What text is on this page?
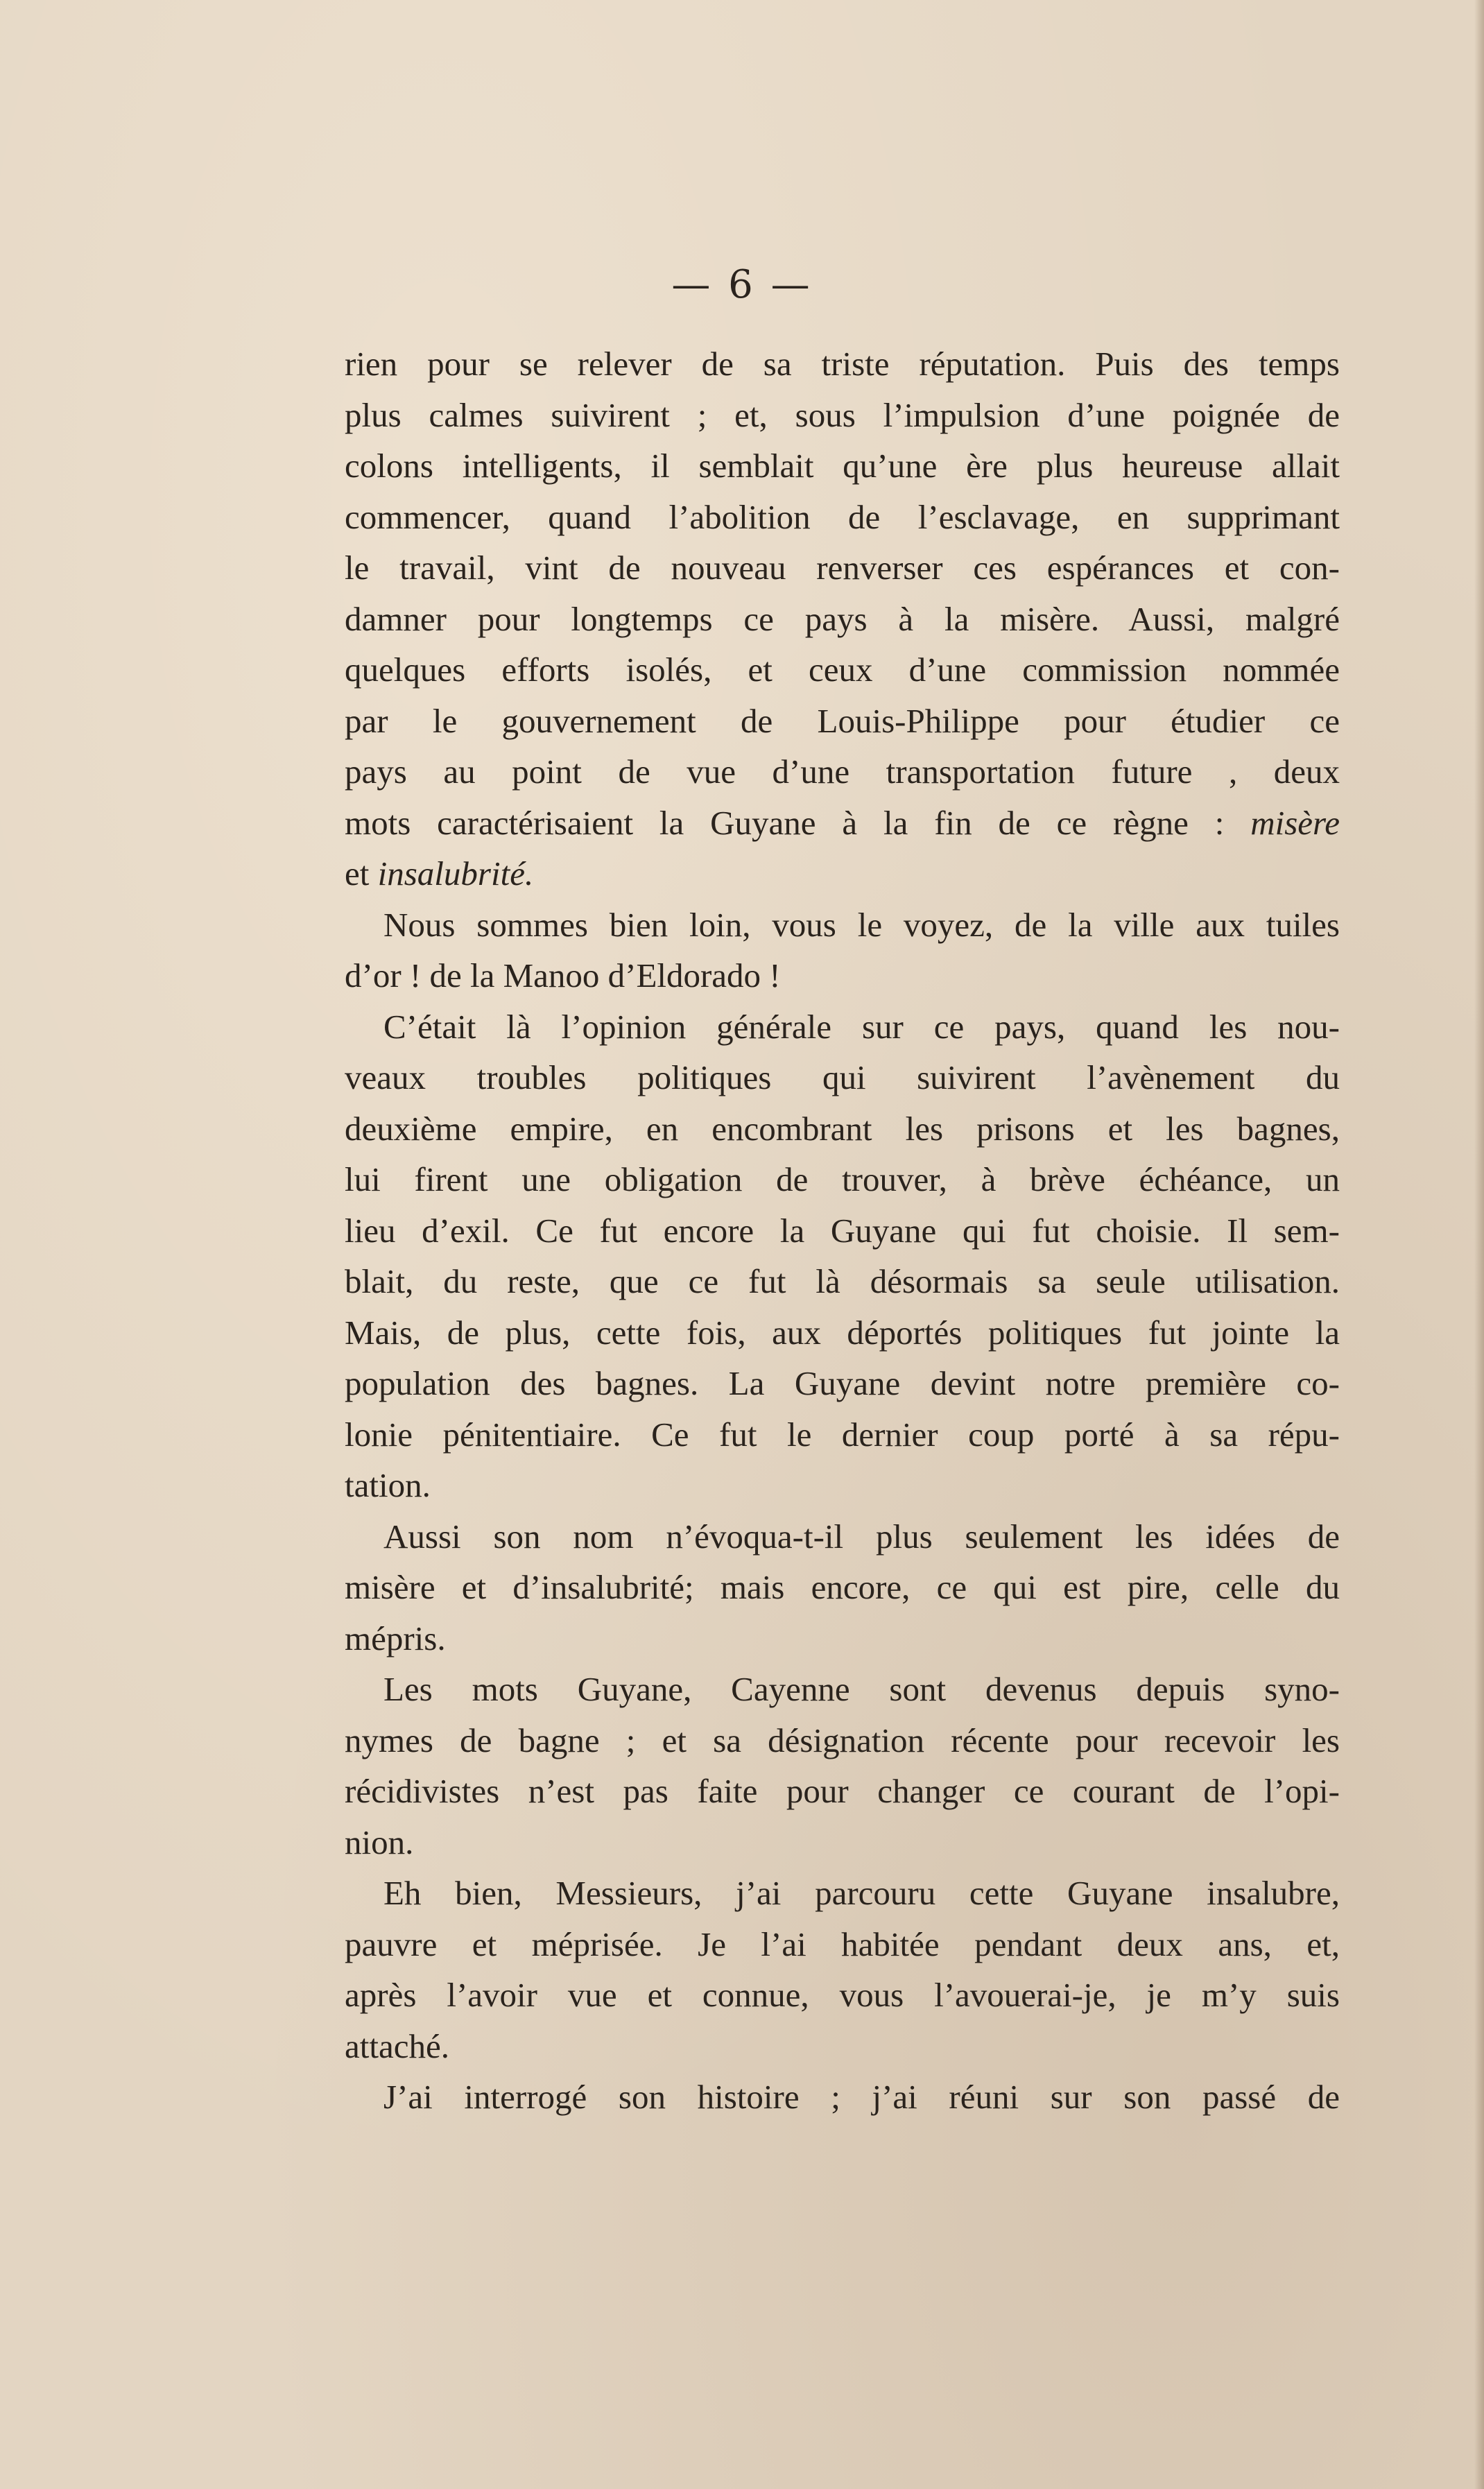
— 6 —
rien pour se relever de sa triste réputation. Puis des temps
plus calmes suivirent ; et, sous l’impulsion d’une poignée de
colons intelligents, il semblait qu’une ère plus heureuse allait
commencer, quand l’abolition de l’esclavage, en supprimant
le travail, vint de nouveau renverser ces espérances et con-
damner pour longtemps ce pays à la misère. Aussi, malgré
quelques efforts isolés, et ceux d’une commission nommée
par le gouvernement de Louis-Philippe pour étudier ce
pays au point de vue d’une transportation future , deux
mots caractérisaient la Guyane à la fin de ce règne : misère
et insalubrité.
Nous sommes bien loin, vous le voyez, de la ville aux tuiles
d’or ! de la Manoo d’Eldorado !
C’était là l’opinion générale sur ce pays, quand les nou-
veaux troubles politiques qui suivirent l’avènement du
deuxième empire, en encombrant les prisons et les bagnes,
lui firent une obligation de trouver, à brève échéance, un
lieu d’exil. Ce fut encore la Guyane qui fut choisie. Il sem-
blait, du reste, que ce fut là désormais sa seule utilisation.
Mais, de plus, cette fois, aux déportés politiques fut jointe la
population des bagnes. La Guyane devint notre première co-
lonie pénitentiaire. Ce fut le dernier coup porté à sa répu-
tation.
Aussi son nom n’évoqua-t-il plus seulement les idées de
misère et d’insalubrité; mais encore, ce qui est pire, celle du
mépris.
Les mots Guyane, Cayenne sont devenus depuis syno-
nymes de bagne ; et sa désignation récente pour recevoir les
récidivistes n’est pas faite pour changer ce courant de l’opi-
nion.
Eh bien, Messieurs, j’ai parcouru cette Guyane insalubre,
pauvre et méprisée. Je l’ai habitée pendant deux ans, et,
après l’avoir vue et connue, vous l’avouerai-je, je m’y suis
attaché.
J’ai interrogé son histoire ; j’ai réuni sur son passé de
